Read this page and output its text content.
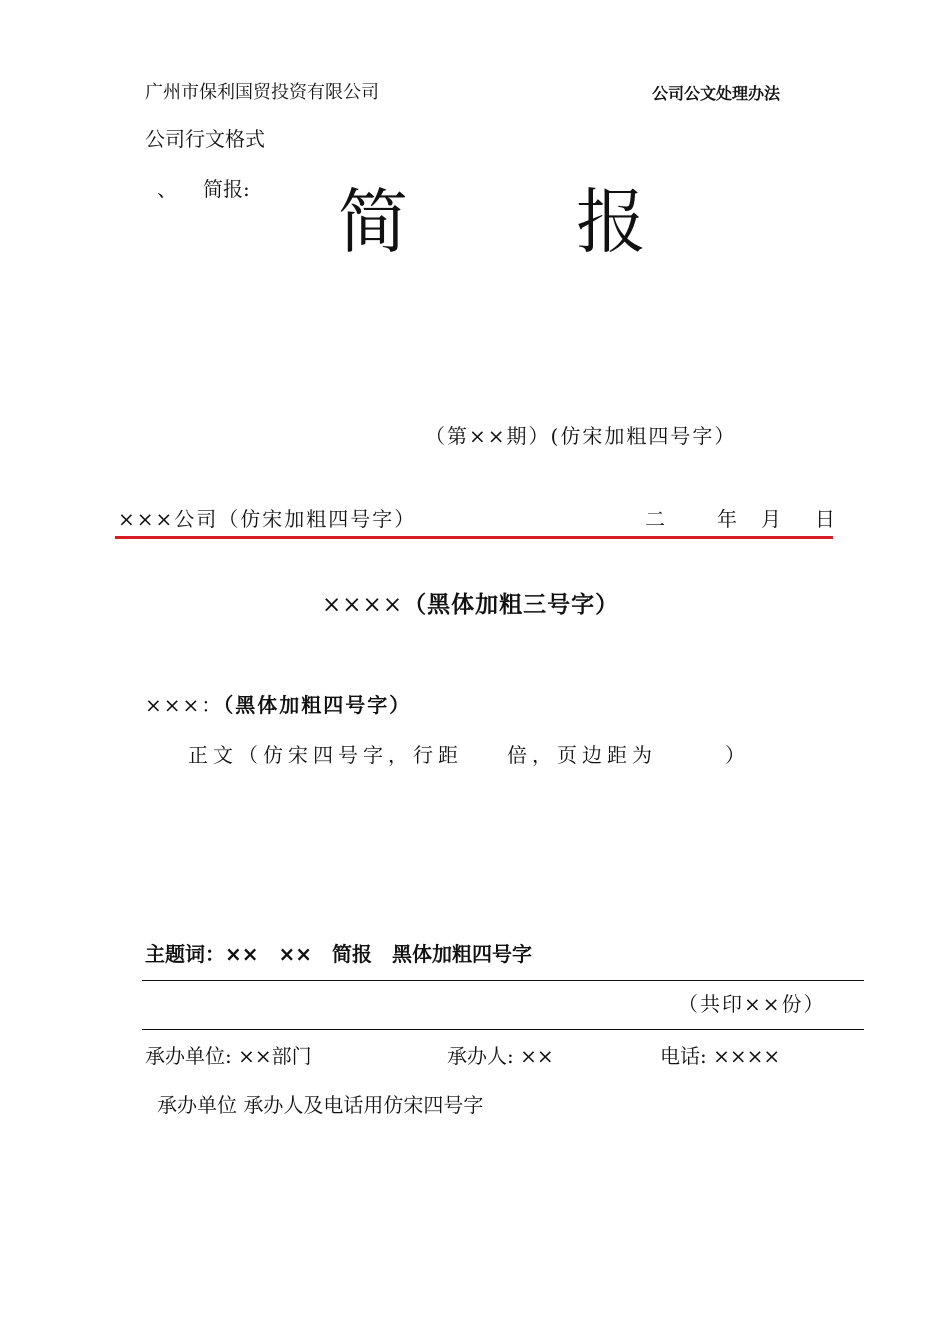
广州市保利国贸投资有限公司	公司公文处理办法
公司行文格式
、 简报: 简报
（第××期）(仿宋加粗四号字）
×××公司（仿宋加粗四号字）	二	年 月 日
××××（黑体加粗三号字）
×××：（黑体加粗四号字）
正文（仿宋四号字，行距 倍，页边距为	）
主题词：××　××　简报　黑体加粗四号字
（共印××份）
承办单位: ××部门	承办人: ××	电话: ××××
承办单位 承办人及电话用仿宋四号字
